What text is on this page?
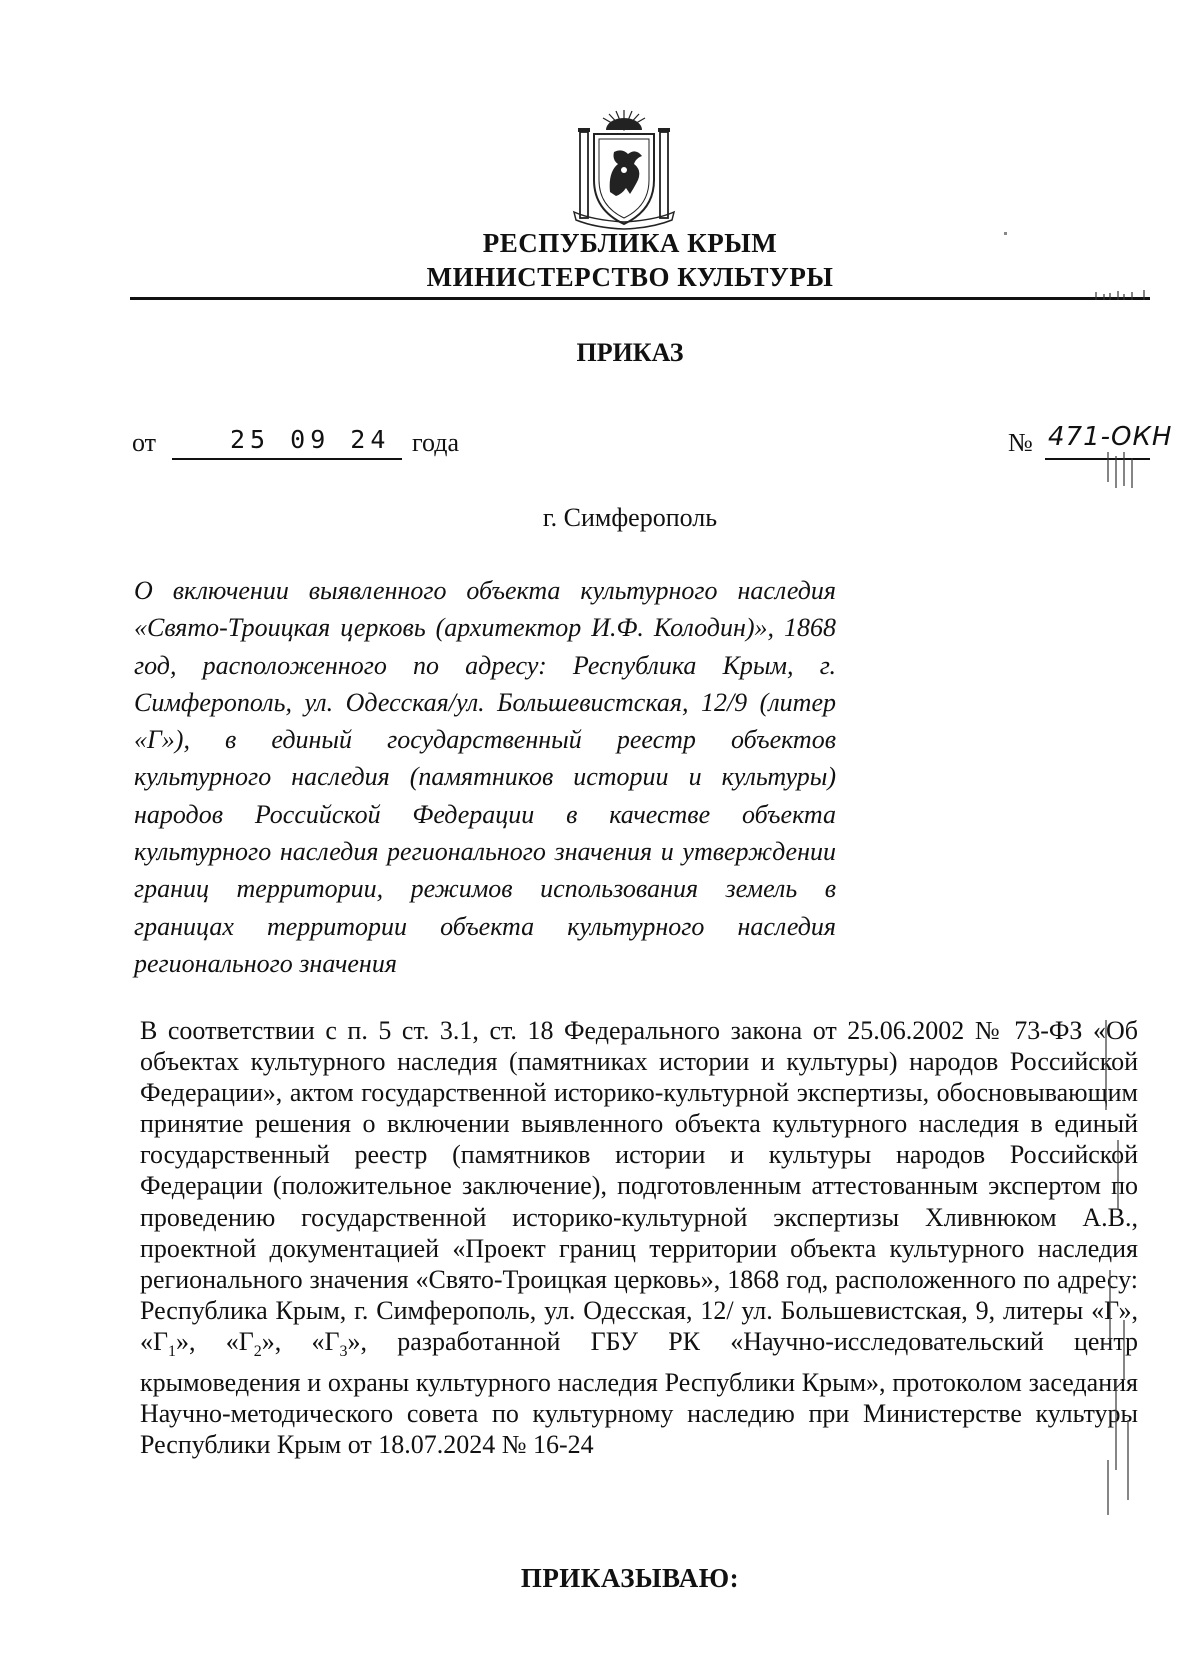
РЕСПУБЛИКА КРЫМ
МИНИСТЕРСТВО КУЛЬТУРЫ
ПРИКАЗ
от	25 09 24 года	№ 471-ОКН
г. Симферополь
О включении выявленного объекта культурного наследия «Свято-Троицкая церковь (архитектор И.Ф. Колодин)», 1868 год, расположенного по адресу: Республика Крым, г. Симферополь, ул. Одесская/ул. Большевистская, 12/9 (литер «Г»), в единый государственный реестр объектов культурного наследия (памятников истории и культуры) народов Российской Федерации в качестве объекта культурного наследия регионального значения и утверждении границ территории, режимов использования земель в границах территории объекта культурного наследия регионального значения
В соответствии с п. 5 ст. 3.1, ст. 18 Федерального закона от 25.06.2002 № 73-ФЗ «Об объектах культурного наследия (памятниках истории и культуры) народов Российской Федерации», актом государственной историко-культурной экспертизы, обосновывающим принятие решения о включении выявленного объекта культурного наследия в единый государственный реестр (памятников истории и культуры народов Российской Федерации (положительное заключение), подготовленным аттестованным экспертом по проведению государственной историко-культурной экспертизы Хливнюком А.В., проектной документацией «Проект границ территории объекта культурного наследия регионального значения «Свято-Троицкая церковь», 1868 год, расположенного по адресу: Республика Крым, г. Симферополь, ул. Одесская, 12/ ул. Большевистская, 9, литеры «Г», «$Г_1$», «$Г_2$», «$Г_3$», разработанной ГБУ РК «Научно-исследовательский центр крымоведения и охраны культурного наследия Республики Крым», протоколом заседания Научно-методического совета по культурному наследию при Министерстве культуры Республики Крым от 18.07.2024 № 16-24
ПРИКАЗЫВАЮ:
